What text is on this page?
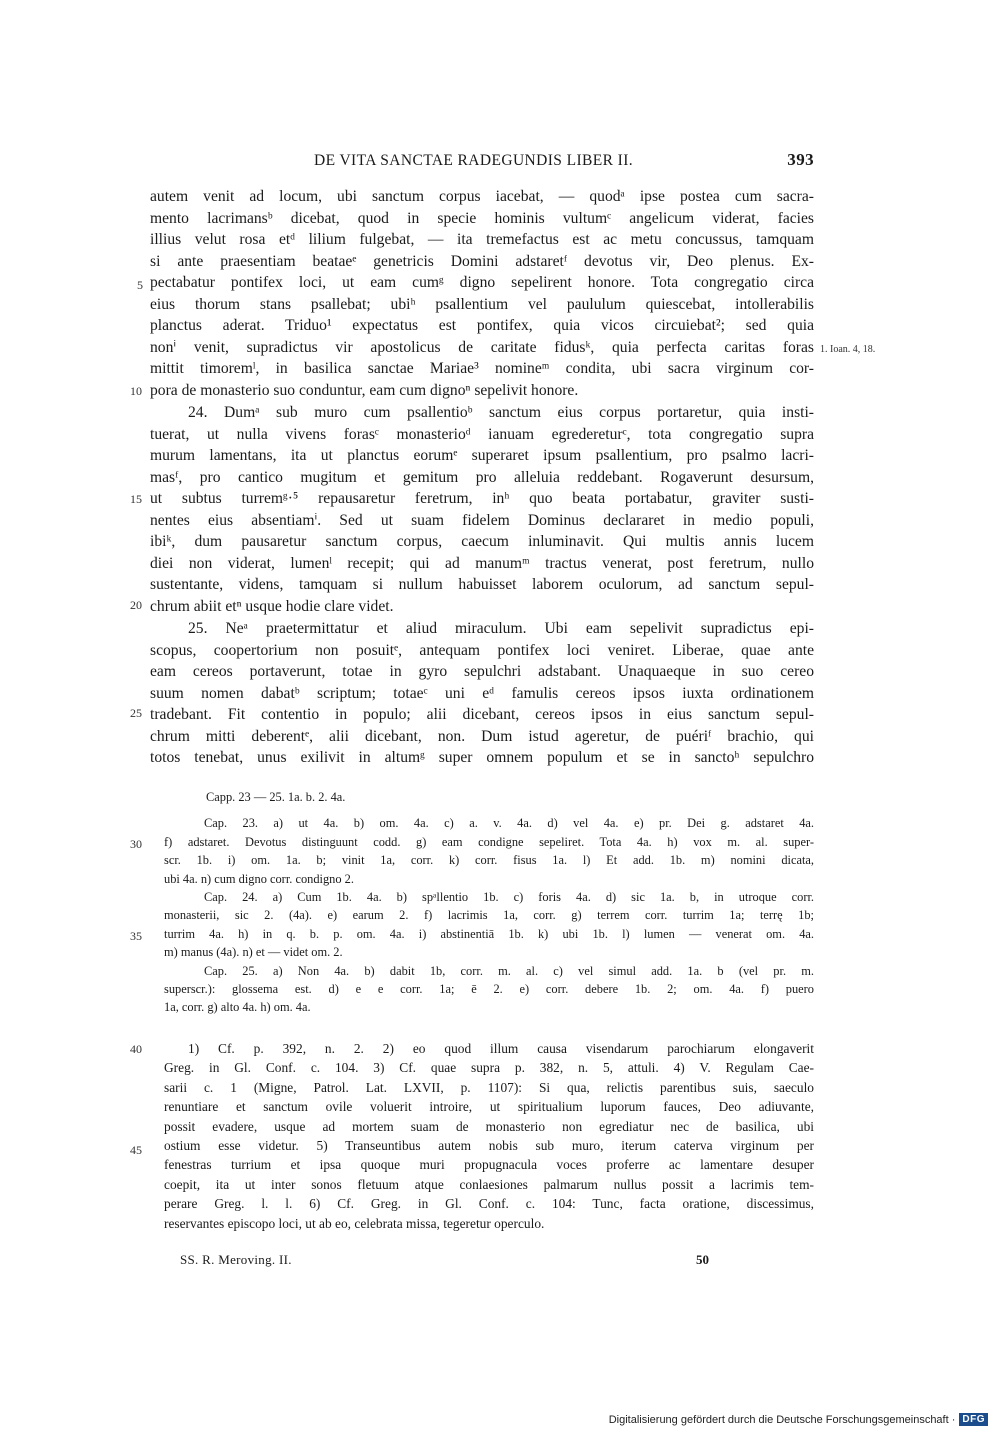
DE VITA SANCTAE RADEGUNDIS LIBER II.	393
5
10
15
20
25
30
35
40
45
1. Ioan. 4, 18.
autem venit ad locum, ubi sanctum corpus iacebat, — quodᵃ ipse postea cum sacra-
mento lacrimansᵇ dicebat, quod in specie hominis vultumᶜ angelicum viderat, facies
illius velut rosa etᵈ lilium fulgebat, — ita tremefactus est ac metu concussus, tamquam
si ante praesentiam beataeᵉ genetricis Domini adstaretᶠ devotus vir, Deo plenus. Ex-
pectabatur pontifex loci, ut eam cumᵍ digno sepelirent honore. Tota congregatio circa
eius thorum stans psallebat; ubiʰ psallentium vel paululum quiescebat, intollerabilis
planctus aderat. Triduo¹ expectatus est pontifex, quia vicos circuiebat²; sed quia
nonⁱ venit, supradictus vir apostolicus de caritate fidusᵏ, quia perfecta caritas foras
mittit timoremˡ, in basilica sanctae Mariae³ nomineᵐ condita, ubi sacra virginum cor-
pora de monasterio suo conduntur, eam cum dignoⁿ sepelivit honore.
24. Dumᵃ sub muro cum psallentioᵇ sanctum eius corpus portaretur, quia insti-
tuerat, ut nulla vivens forasᶜ monasterioᵈ ianuam egredereturᶜ, tota congregatio supra
murum lamentans, ita ut planctus eorumᵉ superaret ipsum psallentium, pro psalmo lacri-
masᶠ, pro cantico mugitum et gemitum pro alleluia reddebant. Rogaverunt desursum,
ut subtus turremᵍ·⁵ repausaretur feretrum, inʰ quo beata portabatur, graviter susti-
nentes eius absentiamⁱ. Sed ut suam fidelem Dominus declararet in medio populi,
ibiᵏ, dum pausaretur sanctum corpus, caecum inluminavit. Qui multis annis lucem
diei non viderat, lumenˡ recepit; qui ad manumᵐ tractus venerat, post feretrum, nullo
sustentante, videns, tamquam si nullum habuisset laborem oculorum, ad sanctum sepul-
chrum abiit etⁿ usque hodie clare videt.
25. Neᵃ praetermittatur et aliud miraculum. Ubi eam sepelivit supradictus epi-
scopus, coopertorium non posuitᵉ, antequam pontifex loci veniret. Liberae, quae ante
eam cereos portaverunt, totae in gyro sepulchri adstabant. Unaquaeque in suo cereo
suum nomen dabatᵇ scriptum; totaeᶜ uni eᵈ famulis cereos ipsos iuxta ordinationem
tradebant. Fit contentio in populo; alii dicebant, cereos ipsos in eius sanctum sepul-
chrum mitti deberentᵉ, alii dicebant, non. Dum istud ageretur, de puériᶠ brachio, qui
totos tenebat, unus exilivit in altumᵍ super omnem populum et se in sanctoʰ sepulchro
Capp. 23 — 25. 1a. b. 2. 4a.
Cap. 23. a) ut 4a. b) om. 4a. c) a. v. 4a. d) vel 4a. e) pr. Dei g. adstaret 4a.
f) adstaret. Devotus distinguunt codd. g) eam condigne sepeliret. Tota 4a. h) vox m. al. super-
scr. 1b. i) om. 1a. b; vinit 1a, corr. k) corr. fisus 1a. l) Et add. 1b. m) nomini dicata,
ubi 4a. n) cum digno corr. condigno 2.
Cap. 24. a) Cum 1b. 4a. b) spᵃllentio 1b. c) foris 4a. d) sic 1a. b, in utroque corr.
monasterii, sic 2. (4a). e) earum 2. f) lacrimis 1a, corr. g) terrem corr. turrim 1a; terrę 1b;
turrim 4a. h) in q. b. p. om. 4a. i) abstinentiā 1b. k) ubi 1b. l) lumen — venerat om. 4a.
m) manus (4a). n) et — videt om. 2.
Cap. 25. a) Non 4a. b) dabit 1b, corr. m. al. c) vel simul add. 1a. b (vel pr. m.
superscr.): glossema est. d) e e corr. 1a; ē 2. e) corr. debere 1b. 2; om. 4a. f) puero
1a, corr. g) alto 4a. h) om. 4a.
1) Cf. p. 392, n. 2. 2) eo quod illum causa visendarum parochiarum elongaverit
Greg. in Gl. Conf. c. 104. 3) Cf. quae supra p. 382, n. 5, attuli. 4) V. Regulam Cae-
sarii c. 1 (Migne, Patrol. Lat. LXVII, p. 1107): Si qua, relictis parentibus suis, saeculo
renuntiare et sanctum ovile voluerit introire, ut spiritualium luporum fauces, Deo adiuvante,
possit evadere, usque ad mortem suam de monasterio non egrediatur nec de basilica, ubi
ostium esse videtur. 5) Transeuntibus autem nobis sub muro, iterum caterva virginum per
fenestras turrium et ipsa quoque muri propugnacula voces proferre ac lamentare desuper
coepit, ita ut inter sonos fletuum atque conlaesiones palmarum nullus possit a lacrimis tem-
perare Greg. l. l. 6) Cf. Greg. in Gl. Conf. c. 104: Tunc, facta oratione, discessimus,
reservantes episcopo loci, ut ab eo, celebrata missa, tegeretur operculo.
SS. R. Meroving. II.	50
Digitalisierung gefördert durch die Deutsche Forschungsgemeinschaft · DFG
